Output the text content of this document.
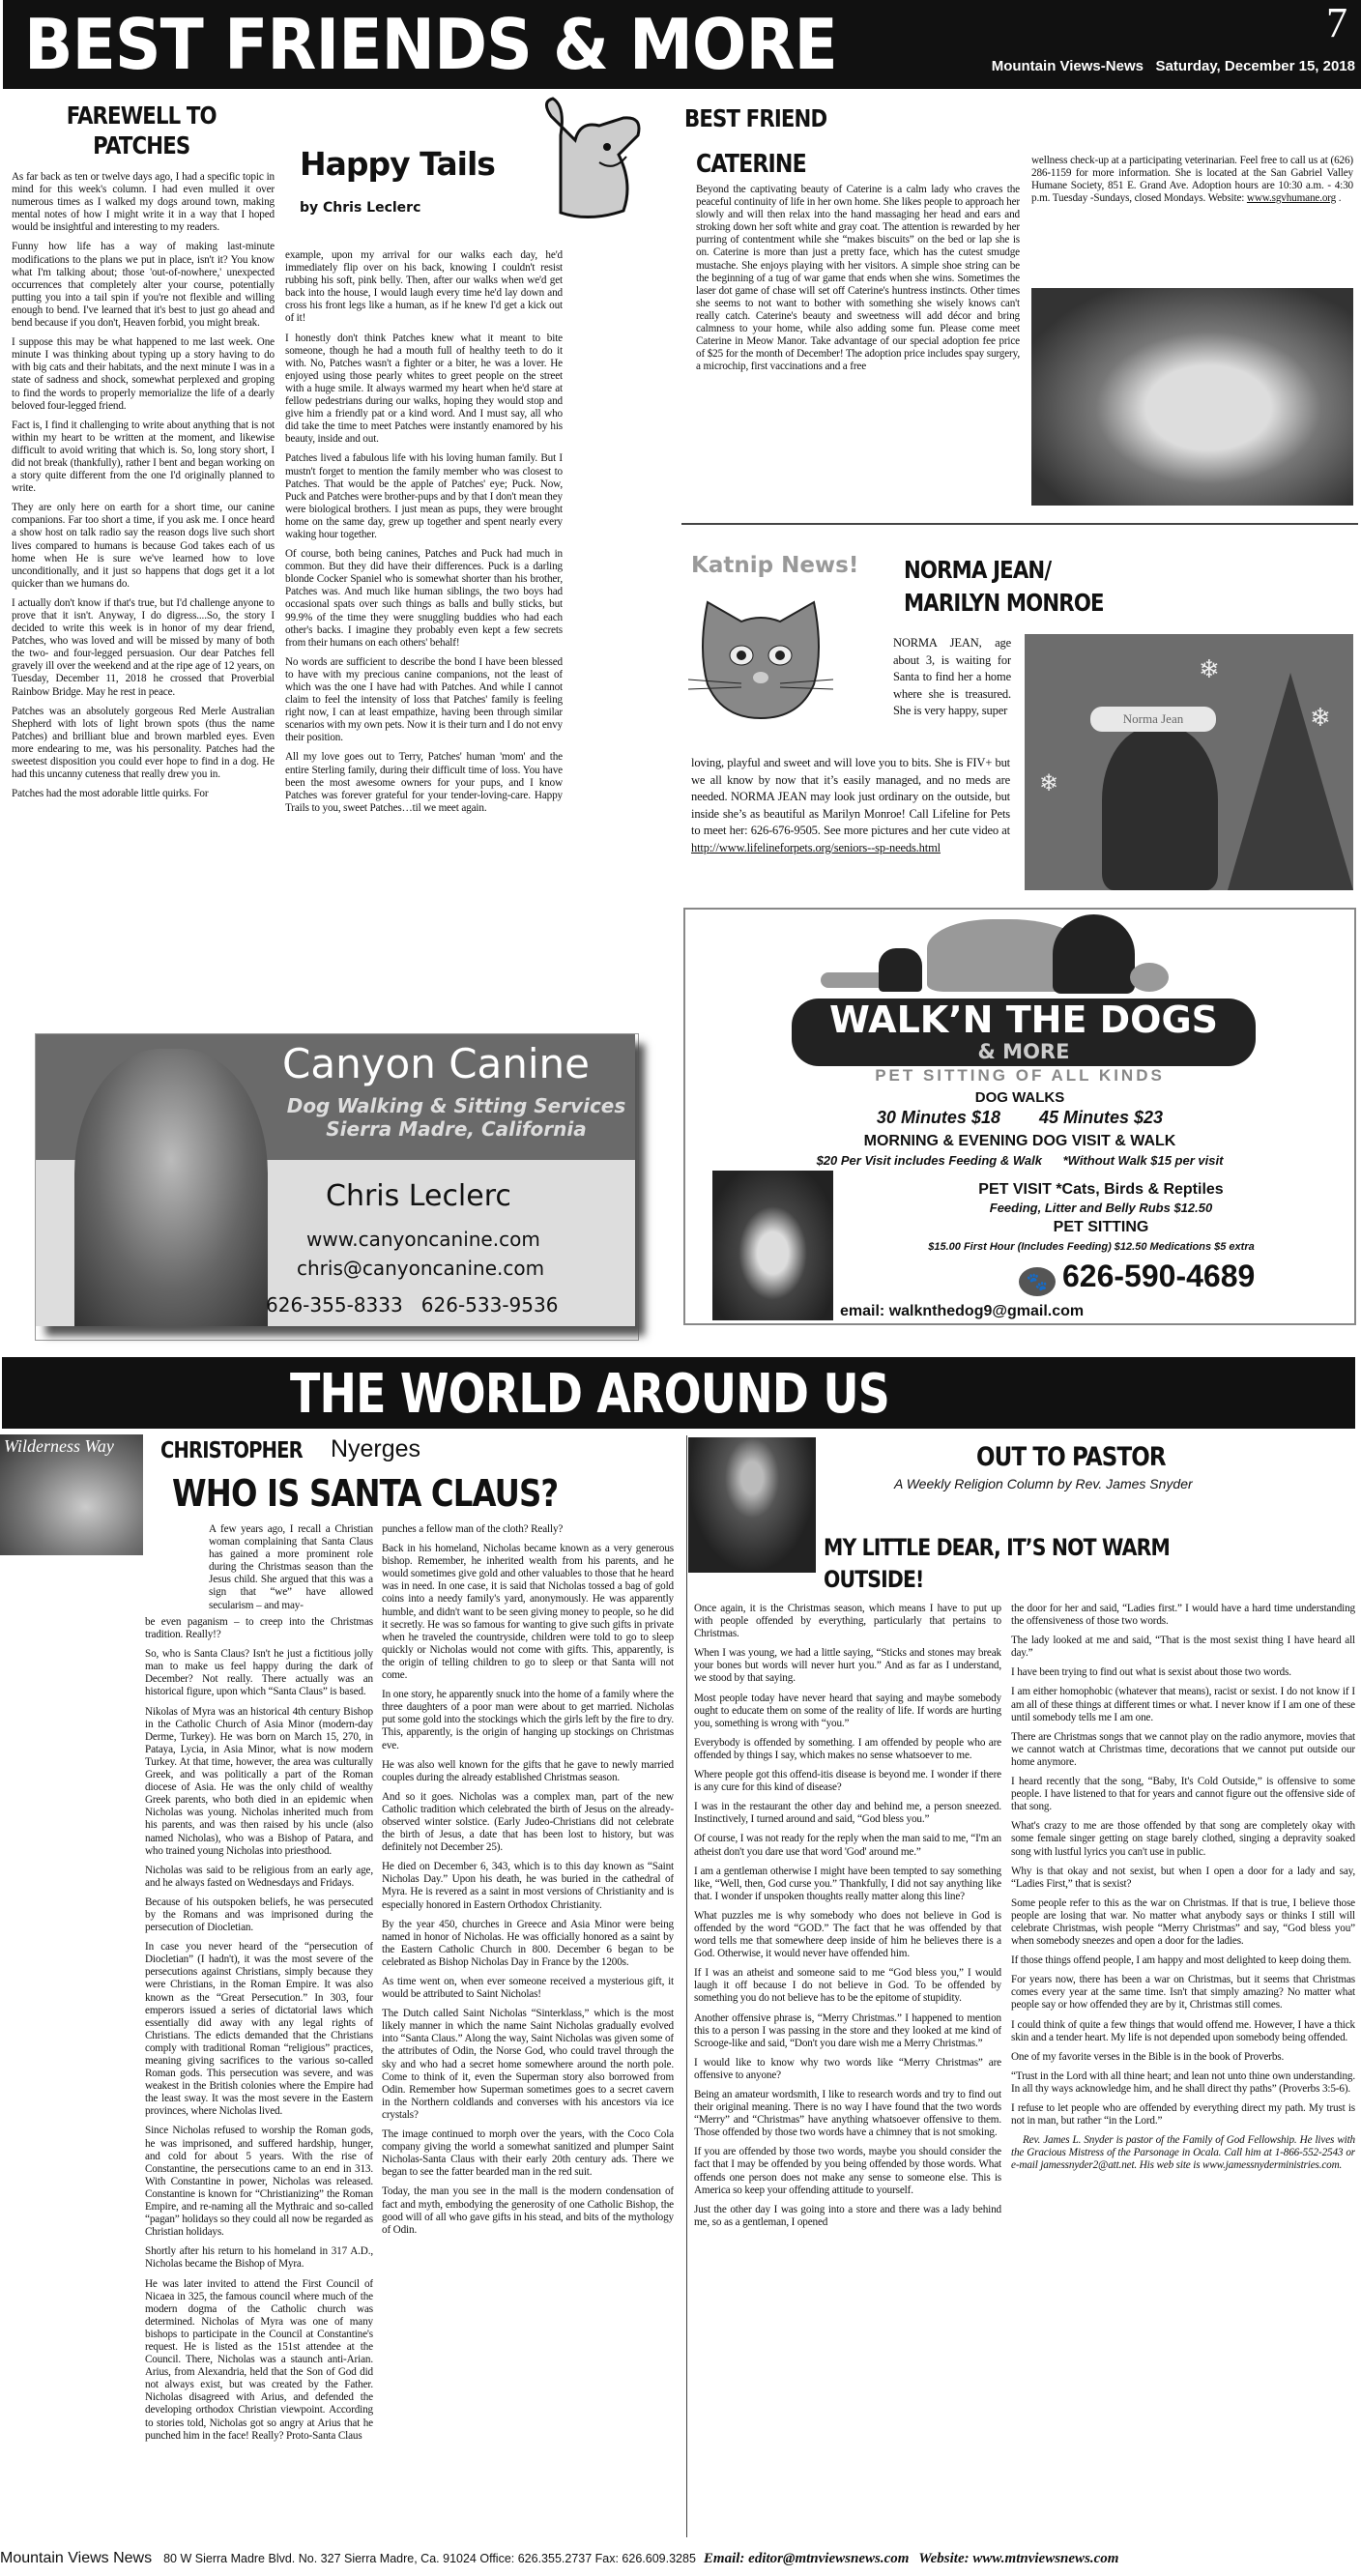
BEST FRIENDS & MORE	7
Mountain Views-News Saturday, December 15, 2018
FAREWELL TO
PATCHES

As far back as ten or twelve days ago, I had a specific topic in mind for this week's column. I had even mulled it over numerous times as I walked my dogs around town, making mental notes of how I might write it in a way that I hoped would be insightful and interesting to my readers.

Funny how life has a way of making last-minute modifications to the plans we put in place, isn't it? You know what I'm talking about; those 'out-of-nowhere,' unexpected occurrences that completely alter your course, potentially putting you into a tail spin if you're not flexible and willing enough to bend. I've learned that it's best to just go ahead and bend because if you don't, Heaven forbid, you might break.

I suppose this may be what happened to me last week. One minute I was thinking about typing up a story having to do with big cats and their habitats, and the next minute I was in a state of sadness and shock, somewhat perplexed and groping to find the words to properly memorialize the life of a dearly beloved four-legged friend.

Fact is, I find it challenging to write about anything that is not within my heart to be written at the moment, and likewise difficult to avoid writing that which is. So, long story short, I did not break (thankfully), rather I bent and began working on a story quite different from the one I'd originally planned to write.

They are only here on earth for a short time, our canine companions. Far too short a time, if you ask me. I once heard a show host on talk radio say the reason dogs live such short lives compared to humans is because God takes each of us home when He is sure we've learned how to love unconditionally, and it just so happens that dogs get it a lot quicker than we humans do.

I actually don't know if that's true, but I'd challenge anyone to prove that it isn't. Anyway, I do digress....So, the story I decided to write this week is in honor of my dear friend, Patches, who was loved and will be missed by many of both the two- and four-legged persuasion. Our dear Patches fell gravely ill over the weekend and at the ripe age of 12 years, on Tuesday, December 11, 2018 he crossed that Proverbial Rainbow Bridge. May he rest in peace.

Patches was an absolutely gorgeous Red Merle Australian Shepherd with lots of light brown spots (thus the name Patches) and brilliant blue and brown marbled eyes. Even more endearing to me, was his personality. Patches had the sweetest disposition you could ever hope to find in a dog. He had this uncanny cuteness that really drew you in.

Patches had the most adorable little quirks. For

Happy Tails
by Chris Leclerc

example, upon my arrival for our walks each day, he'd immediately flip over on his back, knowing I couldn't resist rubbing his soft, pink belly. Then, after our walks when we'd get back into the house, I would laugh every time he'd lay down and cross his front legs like a human, as if he knew I'd get a kick out of it!

I honestly don't think Patches knew what it meant to bite someone, though he had a mouth full of healthy teeth to do it with. No, Patches wasn't a fighter or a biter, he was a lover. He enjoyed using those pearly whites to greet people on the street with a huge smile. It always warmed my heart when he'd stare at fellow pedestrians during our walks, hoping they would stop and give him a friendly pat or a kind word. And I must say, all who did take the time to meet Patches were instantly enamored by his beauty, inside and out.

Patches lived a fabulous life with his loving human family. But I mustn't forget to mention the family member who was closest to Patches. That would be the apple of Patches' eye; Puck. Now, Puck and Patches were brother-pups and by that I don't mean they were biological brothers. I just mean as pups, they were brought home on the same day, grew up together and spent nearly every waking hour together.

Of course, both being canines, Patches and Puck had much in common. But they did have their differences. Puck is a darling blonde Cocker Spaniel who is somewhat shorter than his brother, Patches was. And much like human siblings, the two boys had occasional spats over such things as balls and bully sticks, but 99.9% of the time they were snuggling buddies who had each other's backs. I imagine they probably even kept a few secrets from their humans on each others' behalf!

No words are sufficient to describe the bond I have been blessed to have with my precious canine companions, not the least of which was the one I have had with Patches. And while I cannot claim to feel the intensity of loss that Patches' family is feeling right now, I can at least empathize, having been through similar scenarios with my own pets. Now it is their turn and I do not envy their position.

All my love goes out to Terry, Patches' human 'mom' and the entire Sterling family, during their difficult time of loss. You have been the most awesome owners for your pups, and I know Patches was forever grateful for your tender-loving-care. Happy Trails to you, sweet Patches…til we meet again.

BEST FRIEND
CATERINE

Beyond the captivating beauty of Caterine is a calm lady who craves the peaceful continuity of life in her own home. She likes people to approach her slowly and will then relax into the hand massaging her head and ears and stroking down her soft white and gray coat. The attention is rewarded by her purring of contentment while she “makes biscuits” on the bed or lap she is on. Caterine is more than just a pretty face, which has the cutest smudge mustache. She enjoys playing with her visitors. A simple shoe string can be the beginning of a tug of war game that ends when she wins. Sometimes the laser dot game of chase will set off Caterine's huntress instincts. Other times she seems to not want to bother with something she wisely knows can't really catch. Caterine's beauty and sweetness will add décor and bring calmness to your home, while also adding some fun. Please come meet Caterine in Meow Manor. Take advantage of our special adoption fee price of $25 for the month of December! The adoption price includes spay surgery, a microchip, first vaccinations and a free

wellness check-up at a participating veterinarian. Feel free to call us at (626) 286-1159 for more information. She is located at the San Gabriel Valley Humane Society, 851 E. Grand Ave. Adoption hours are 10:30 a.m. - 4:30 p.m. Tuesday -Sundays, closed Mondays. Website: www.sgvhumane.org .
Katnip News! NORMA JEAN/
MARILYN MONROE
NORMA JEAN, age about 3, is waiting for Santa to find her a home where she is treasured. She is very happy, super
loving, playful and sweet and will love you to bits. She is FIV+ but we all know by now that it’s easily managed, and no meds are needed. NORMA JEAN may look just ordinary on the outside, but inside she’s as beautiful as Marilyn Monroe! Call Lifeline for Pets to meet her: 626-676-9505. See more pictures and her cute video at http://www.lifelineforpets.org/seniors--sp-needs.html
Norma Jean
❄
❄
❄
WALK’N THE DOGS
& MORE
PET SITTING OF ALL KINDS
DOG WALKS
30 Minutes $18 45 Minutes $23
MORNING & EVENING DOG VISIT & WALK
$20 Per Visit includes Feeding & Walk *Without Walk $15 per visit
PET VISIT *Cats, Birds & Reptiles
Feeding, Litter and Belly Rubs $12.50
PET SITTING
$15.00 First Hour (Includes Feeding) $12.50 Medications $5 extra
🐾 626-590-4689
email: walknthedog9@gmail.com
Canyon Canine
Dog Walking & Sitting Services
Sierra Madre, California
Chris Leclerc
www.canyoncanine.com
chris@canyoncanine.com
626-355-8333 626-533-9536
THE WORLD AROUND US
Wilderness Way CHRISTOPHER Nyerges
WHO IS SANTA CLAUS?
A few years ago, I recall a Christian woman complaining that Santa Claus has gained a more prominent role during the Christmas season than the Jesus child. She argued that this was a sign that “we” have allowed secularism – and may-

be even paganism – to creep into the Christmas tradition. Really!?

So, who is Santa Claus? Isn't he just a fictitious jolly man to make us feel happy during the dark of December? Not really. There actually was an historical figure, upon which “Santa Claus” is based.

Nikolas of Myra was an historical 4th century Bishop in the Catholic Church of Asia Minor (modern-day Derme, Turkey). He was born on March 15, 270, in Pataya, Lycia, in Asia Minor, what is now modern Turkey. At that time, however, the area was culturally Greek, and was politically a part of the Roman diocese of Asia. He was the only child of wealthy Greek parents, who both died in an epidemic when Nicholas was young. Nicholas inherited much from his parents, and was then raised by his uncle (also named Nicholas), who was a Bishop of Patara, and who trained young Nicholas into priesthood.

Nicholas was said to be religious from an early age, and he always fasted on Wednesdays and Fridays.

Because of his outspoken beliefs, he was persecuted by the Romans and was imprisoned during the persecution of Diocletian.

In case you never heard of the “persecution of Diocletian” (I hadn't), it was the most severe of the persecutions against Christians, simply because they were Christians, in the Roman Empire. It was also known as the “Great Persecution.” In 303, four emperors issued a series of dictatorial laws which essentially did away with any legal rights of Christians. The edicts demanded that the Christians comply with traditional Roman “religious” practices, meaning giving sacrifices to the various so-called Roman gods. This persecution was severe, and was weakest in the British colonies where the Empire had the least sway. It was the most severe in the Eastern provinces, where Nicholas lived.

Since Nicholas refused to worship the Roman gods, he was imprisoned, and suffered hardship, hunger, and cold for about 5 years. With the rise of Constantine, the persecutions came to an end in 313. With Constantine in power, Nicholas was released. Constantine is known for “Christianizing” the Roman Empire, and re-naming all the Mythraic and so-called “pagan” holidays so they could all now be regarded as Christian holidays.

Shortly after his return to his homeland in 317 A.D., Nicholas became the Bishop of Myra.

He was later invited to attend the First Council of Nicaea in 325, the famous council where much of the modern dogma of the Catholic church was determined. Nicholas of Myra was one of many bishops to participate in the Council at Constantine's request. He is listed as the 151st attendee at the Council. There, Nicholas was a staunch anti-Arian. Arius, from Alexandria, held that the Son of God did not always exist, but was created by the Father. Nicholas disagreed with Arius, and defended the developing orthodox Christian viewpoint. According to stories told, Nicholas got so angry at Arius that he punched him in the face! Really? Proto-Santa Claus

punches a fellow man of the cloth? Really?

Back in his homeland, Nicholas became known as a very generous bishop. Remember, he inherited wealth from his parents, and he would sometimes give gold and other valuables to those that he heard was in need. In one case, it is said that Nicholas tossed a bag of gold coins into a needy family's yard, anonymously. He was apparently humble, and didn't want to be seen giving money to people, so he did it secretly. He was so famous for wanting to give such gifts in private when he traveled the countryside, children were told to go to sleep quickly or Nicholas would not come with gifts. This, apparently, is the origin of telling children to go to sleep or that Santa will not come.

In one story, he apparently snuck into the home of a family where the three daughters of a poor man were about to get married. Nicholas put some gold into the stockings which the girls left by the fire to dry. This, apparently, is the origin of hanging up stockings on Christmas eve.

He was also well known for the gifts that he gave to newly married couples during the already established Christmas season.

And so it goes. Nicholas was a complex man, part of the new Catholic tradition which celebrated the birth of Jesus on the already-observed winter solstice. (Early Judeo-Christians did not celebrate the birth of Jesus, a date that has been lost to history, but was definitely not December 25).

He died on December 6, 343, which is to this day known as “Saint Nicholas Day.” Upon his death, he was buried in the cathedral of Myra. He is revered as a saint in most versions of Christianity and is especially honored in Eastern Orthodox Christianity.

By the year 450, churches in Greece and Asia Minor were being named in honor of Nicholas. He was officially honored as a saint by the Eastern Catholic Church in 800. December 6 began to be celebrated as Bishop Nicholas Day in France by the 1200s.

As time went on, when ever someone received a mysterious gift, it would be attributed to Saint Nicholas!

The Dutch called Saint Nicholas “Sinterklass,” which is the most likely manner in which the name Saint Nicholas gradually evolved into “Santa Claus.” Along the way, Saint Nicholas was given some of the attributes of Odin, the Norse God, who could travel through the sky and who had a secret home somewhere around the north pole. Come to think of it, even the Superman story also borrowed from Odin. Remember how Superman sometimes goes to a secret cavern in the Northern coldlands and converses with his ancestors via ice crystals?

The image continued to morph over the years, with the Coco Cola company giving the world a somewhat sanitized and plumper Saint Nicholas-Santa Claus with their early 20th century ads. There we began to see the fatter bearded man in the red suit.

Today, the man you see in the mall is the modern condensation of fact and myth, embodying the generosity of one Catholic Bishop, the good will of all who gave gifts in his stead, and bits of the mythology of Odin.

OUT TO PASTOR
A Weekly Religion Column by Rev. James Snyder
MY LITTLE DEAR, IT’S NOT WARM OUTSIDE!

Once again, it is the Christmas season, which means I have to put up with people offended by everything, particularly that pertains to Christmas.

When I was young, we had a little saying, “Sticks and stones may break your bones but words will never hurt you.” And as far as I understand, we stood by that saying.

Most people today have never heard that saying and maybe somebody ought to educate them on some of the reality of life. If words are hurting you, something is wrong with “you.”

Everybody is offended by something. I am offended by people who are offended by things I say, which makes no sense whatsoever to me.

Where people got this offend-itis disease is beyond me. I wonder if there is any cure for this kind of disease?

I was in the restaurant the other day and behind me, a person sneezed. Instinctively, I turned around and said, “God bless you.”

Of course, I was not ready for the reply when the man said to me, “I'm an atheist don't you dare use that word 'God' around me.”

I am a gentleman otherwise I might have been tempted to say something like, “Well, then, God curse you.” Thankfully, I did not say anything like that. I wonder if unspoken thoughts really matter along this line?

What puzzles me is why somebody who does not believe in God is offended by the word “GOD.” The fact that he was offended by that word tells me that somewhere deep inside of him he believes there is a God. Otherwise, it would never have offended him.

If I was an atheist and someone said to me “God bless you,” I would laugh it off because I do not believe in God. To be offended by something you do not believe has to be the epitome of stupidity.

Another offensive phrase is, “Merry Christmas.” I happened to mention this to a person I was passing in the store and they looked at me kind of Scrooge-like and said, “Don't you dare wish me a Merry Christmas.”

I would like to know why two words like “Merry Christmas” are offensive to anyone?

Being an amateur wordsmith, I like to research words and try to find out their original meaning. There is no way I have found that the two words “Merry” and “Christmas” have anything whatsoever offensive to them. Those offended by those two words have a chimney that is not smoking.

If you are offended by those two words, maybe you should consider the fact that I may be offended by you being offended by those words. What offends one person does not make any sense to someone else. This is America so keep your offending attitude to yourself.

Just the other day I was going into a store and there was a lady behind me, so as a gentleman, I opened

the door for her and said, “Ladies first.” I would have a hard time understanding the offensiveness of those two words.

The lady looked at me and said, “That is the most sexist thing I have heard all day.”

I have been trying to find out what is sexist about those two words.

I am either homophobic (whatever that means), racist or sexist. I do not know if I am all of these things at different times or what. I never know if I am one of these until somebody tells me I am one.

There are Christmas songs that we cannot play on the radio anymore, movies that we cannot watch at Christmas time, decorations that we cannot put outside our home anymore.

I heard recently that the song, “Baby, It's Cold Outside,” is offensive to some people. I have listened to that for years and cannot figure out the offensive side of that song.

What's crazy to me are those offended by that song are completely okay with some female singer getting on stage barely clothed, singing a depravity soaked song with lustful lyrics you can't use in public.

Why is that okay and not sexist, but when I open a door for a lady and say, “Ladies First,” that is sexist?

Some people refer to this as the war on Christmas. If that is true, I believe those people are losing that war. No matter what anybody says or thinks I still will celebrate Christmas, wish people “Merry Christmas” and say, “God bless you” when somebody sneezes and open a door for the ladies.

If those things offend people, I am happy and most delighted to keep doing them.

For years now, there has been a war on Christmas, but it seems that Christmas comes every year at the same time. Isn't that simply amazing? No matter what people say or how offended they are by it, Christmas still comes.

I could think of quite a few things that would offend me. However, I have a thick skin and a tender heart. My life is not depended upon somebody being offended.

One of my favorite verses in the Bible is in the book of Proverbs.

“Trust in the Lord with all thine heart; and lean not unto thine own understanding. In all thy ways acknowledge him, and he shall direct thy paths” (Proverbs 3:5-6).

I refuse to let people who are offended by everything direct my path. My trust is not in man, but rather “in the Lord.”

Rev. James L. Snyder is pastor of the Family of God Fellowship. He lives with the Gracious Mistress of the Parsonage in Ocala. Call him at 1-866-552-2543 or e-mail jamessnyder2@att.net. His web site is www.jamessnyderministries.com.

Mountain Views News 80 W Sierra Madre Blvd. No. 327 Sierra Madre, Ca. 91024 Office: 626.355.2737 Fax: 626.609.3285 Email: editor@mtnviewsnews.com Website: www.mtnviewsnews.com
